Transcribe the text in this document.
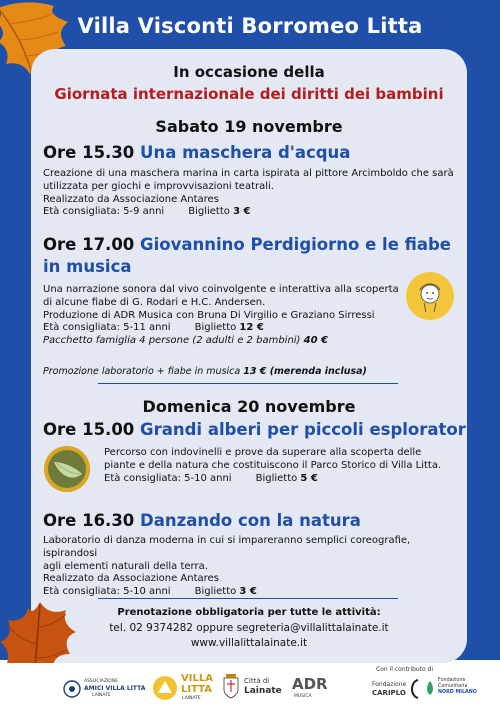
Villa Visconti Borromeo Litta
In occasione della
Giornata internazionale dei diritti dei bambini
Sabato 19 novembre
Ore 15.30 Una maschera d'acqua

Creazione di una maschera marina in carta ispirata al pittore Arcimboldo che sarà

utilizzata per giochi e improvvisazioni teatrali.

Realizzato da Associazione Antares

Età consigliata: 5-9 anni Biglietto 3 €

Ore 17.00 Giovannino Perdigiorno e le fiabe
in musica

Una narrazione sonora dal vivo coinvolgente e interattiva alla scoperta

di alcune fiabe di G. Rodari e H.C. Andersen.

Produzione di ADR Musica con Bruna Di Virgilio e Graziano Sirressi

Età consigliata: 5-11 anni Biglietto 12 €

Pacchetto famiglia 4 persone (2 adulti e 2 bambini) 40 €

Promozione laboratorio + fiabe in musica 13 € (merenda inclusa)
Domenica 20 novembre
Ore 15.00 Grandi alberi per piccoli esploratori

Percorso con indovinelli e prove da superare alla scoperta delle

piante e della natura che costituiscono il Parco Storico di Villa Litta.

Età consigliata: 5-10 anni Biglietto 5 €

Ore 16.30 Danzando con la natura

Laboratorio di danza moderna in cui si impareranno semplici coreografie, ispirandosi

agli elementi naturali della terra.

Realizzato da Associazione Antares

Età consigliata: 5-10 anni Biglietto 3 €

Prenotazione obbligatoria per tutte le attività:
tel. 02 9374282 oppure segreteria@villalittalainate.it
www.villalittalainate.it
Con il contributo di
ASSOCIAZIONE
AMICI VILLA LITTA
LAINATE
VILLA
LITTA
LAINATE
Città di
Lainate ADR
MUSICA
Fondazione
CARIPLO
Fondazione
Comunitaria
NORD MILANO
